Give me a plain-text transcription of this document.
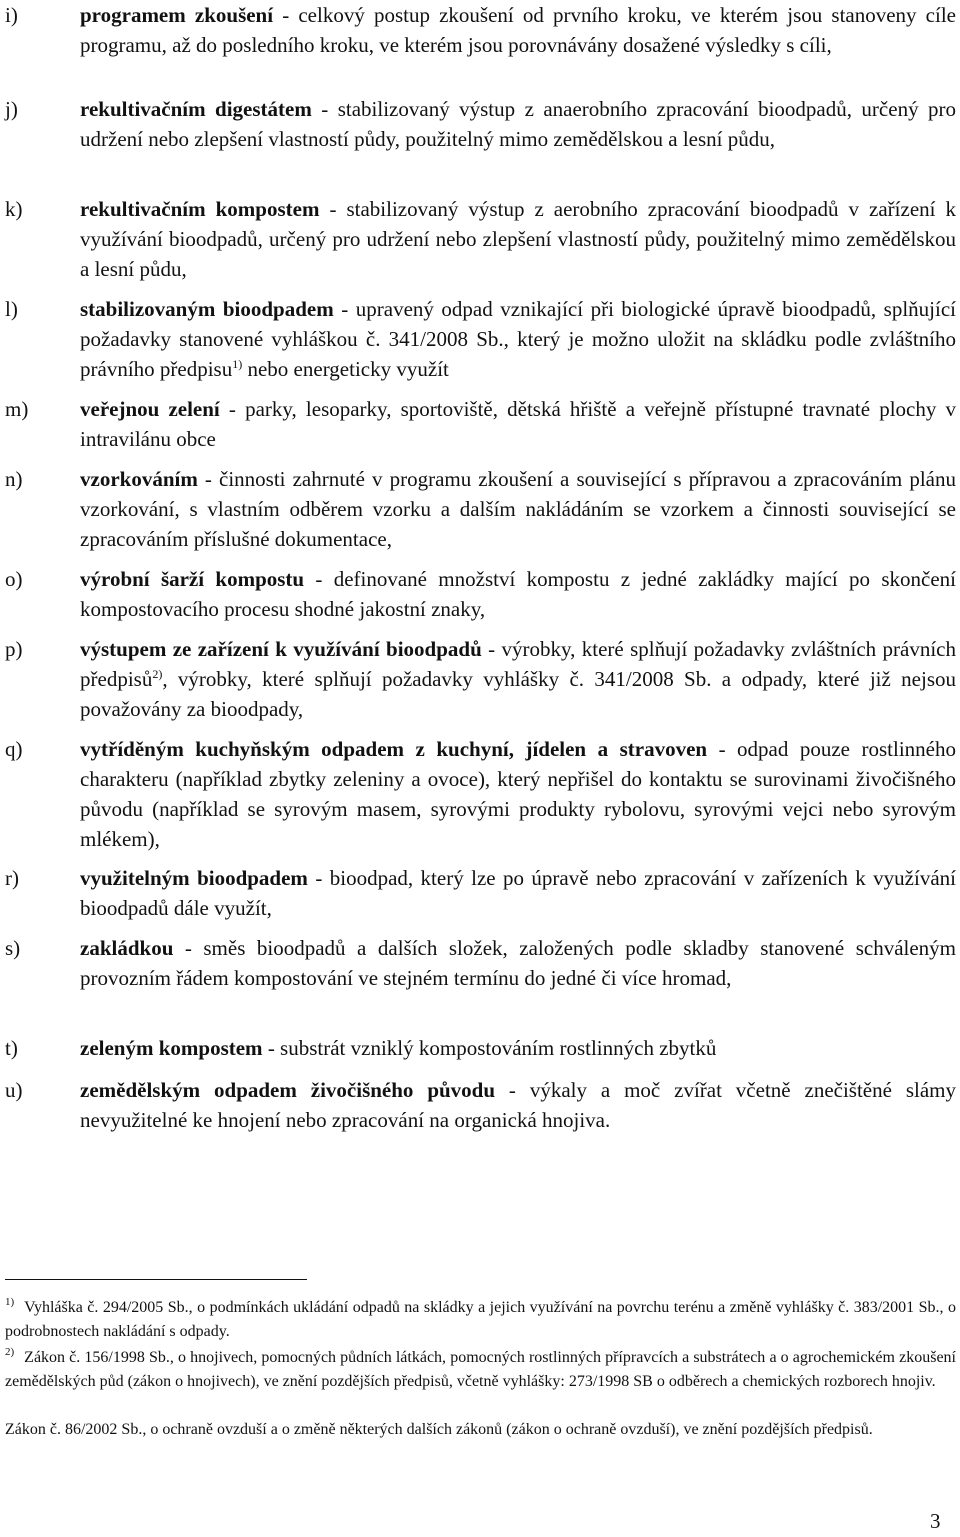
i)	programem zkoušení - celkový postup zkoušení od prvního kroku, ve kterém jsou stanoveny cíle programu, až do posledního kroku, ve kterém jsou porovnávány dosažené výsledky s cíli,
j)	rekultivačním digestátem - stabilizovaný výstup z anaerobního zpracování bioodpadů, určený pro udržení nebo zlepšení vlastností půdy, použitelný mimo zemědělskou a lesní půdu,
k)	rekultivačním kompostem - stabilizovaný výstup z aerobního zpracování bioodpadů v zařízení k využívání bioodpadů, určený pro udržení nebo zlepšení vlastností půdy, použitelný mimo zemědělskou a lesní půdu,
l)	stabilizovaným bioodpadem - upravený odpad vznikající při biologické úpravě bioodpadů, splňující požadavky stanovené vyhláškou č. 341/2008 Sb., který je možno uložit na skládku podle zvláštního právního předpisu$^{1)}$ nebo energeticky využít
m)	veřejnou zelení - parky, lesoparky, sportoviště, dětská hřiště a veřejně přístupné travnaté plochy v intravilánu obce
n)	vzorkováním - činnosti zahrnuté v programu zkoušení a související s přípravou a zpracováním plánu vzorkování, s vlastním odběrem vzorku a dalším nakládáním se vzorkem a činnosti související se zpracováním příslušné dokumentace,
o)	výrobní šarží kompostu - definované množství kompostu z jedné zakládky mající po skončení kompostovacího procesu shodné jakostní znaky,
p)	výstupem ze zařízení k využívání bioodpadů - výrobky, které splňují požadavky zvláštních právních předpisů$^{2)}$, výrobky, které splňují požadavky vyhlášky č. 341/2008 Sb. a odpady, které již nejsou považovány za bioodpady,
q)	vytříděným kuchyňským odpadem z kuchyní, jídelen a stravoven - odpad pouze rostlinného charakteru (například zbytky zeleniny a ovoce), který nepřišel do kontaktu se surovinami živočišného původu (například se syrovým masem, syrovými produkty rybolovu, syrovými vejci nebo syrovým mlékem),
r)	využitelným bioodpadem - bioodpad, který lze po úpravě nebo zpracování v zařízeních k využívání bioodpadů dále využít,
s)	zakládkou - směs bioodpadů a dalších složek, založených podle skladby stanovené schváleným provozním řádem kompostování ve stejném termínu do jedné či více hromad,
t)	zeleným kompostem - substrát vzniklý kompostováním rostlinných zbytků
u)	zemědělským odpadem živočišného původu - výkaly a moč zvířat včetně znečištěné slámy nevyužitelné ke hnojení nebo zpracování na organická hnojiva.
$^{1)}$ Vyhláška č. 294/2005 Sb., o podmínkách ukládání odpadů na skládky a jejich využívání na povrchu terénu a změně vyhlášky č. 383/2001 Sb., o podrobnostech nakládání s odpady.
$^{2)}$ Zákon č. 156/1998 Sb., o hnojivech, pomocných půdních látkách, pomocných rostlinných přípravcích a substrátech a o agrochemickém zkoušení zemědělských půd (zákon o hnojivech), ve znění pozdějších předpisů, včetně vyhlášky: 273/1998 SB o odběrech a chemických rozborech hnojiv.
Zákon č. 86/2002 Sb., o ochraně ovzduší a o změně některých dalších zákonů (zákon o ochraně ovzduší), ve znění pozdějších předpisů.
3
